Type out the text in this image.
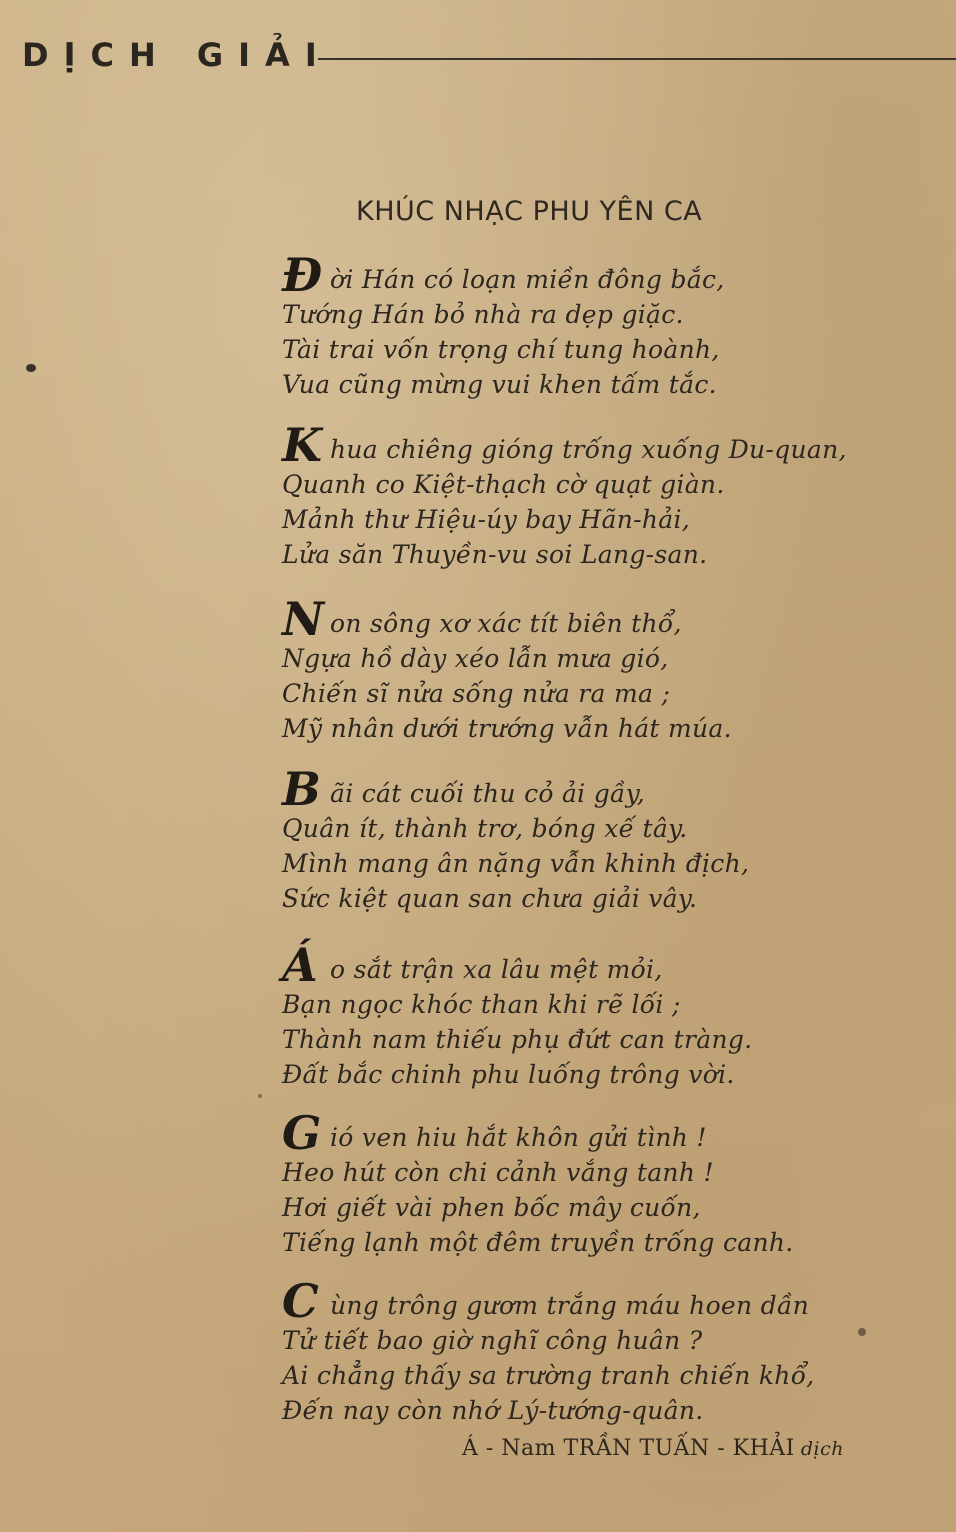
DỊCH GIẢI
KHÚC NHẠC PHU YÊN CA
Đ ời Hán có loạn miền đông bắc,
Tướng Hán bỏ nhà ra dẹp giặc.
Tài trai vốn trọng chí tung hoành,
Vua cũng mừng vui khen tấm tắc.
K hua chiêng gióng trống xuống Du-quan,
Quanh co Kiệt-thạch cờ quạt giàn.
Mảnh thư Hiệu-úy bay Hãn-hải,
Lửa săn Thuyền-vu soi Lang-san.
N on sông xơ xác tít biên thổ,
Ngựa hồ dày xéo lẫn mưa gió,
Chiến sĩ nửa sống nửa ra ma ;
Mỹ nhân dưới trướng vẫn hát múa.
B ãi cát cuối thu cỏ ải gầy,
Quân ít, thành trơ, bóng xế tây.
Mình mang ân nặng vẫn khinh địch,
Sức kiệt quan san chưa giải vây.
Á o sắt trận xa lâu mệt mỏi,
Bạn ngọc khóc than khi rẽ lối ;
Thành nam thiếu phụ đứt can tràng.
Đất bắc chinh phu luống trông vời.
G ió ven hiu hắt khôn gửi tình !
Heo hút còn chi cảnh vắng tanh !
Hơi giết vài phen bốc mây cuốn,
Tiếng lạnh một đêm truyền trống canh.
C ùng trông gươm trắng máu hoen dần
Tử tiết bao giờ nghĩ công huân ?
Ai chẳng thấy sa trường tranh chiến khổ,
Đến nay còn nhớ Lý-tướng-quân.
Á - Nam TRẦN TUẤN - KHẢI dịch
